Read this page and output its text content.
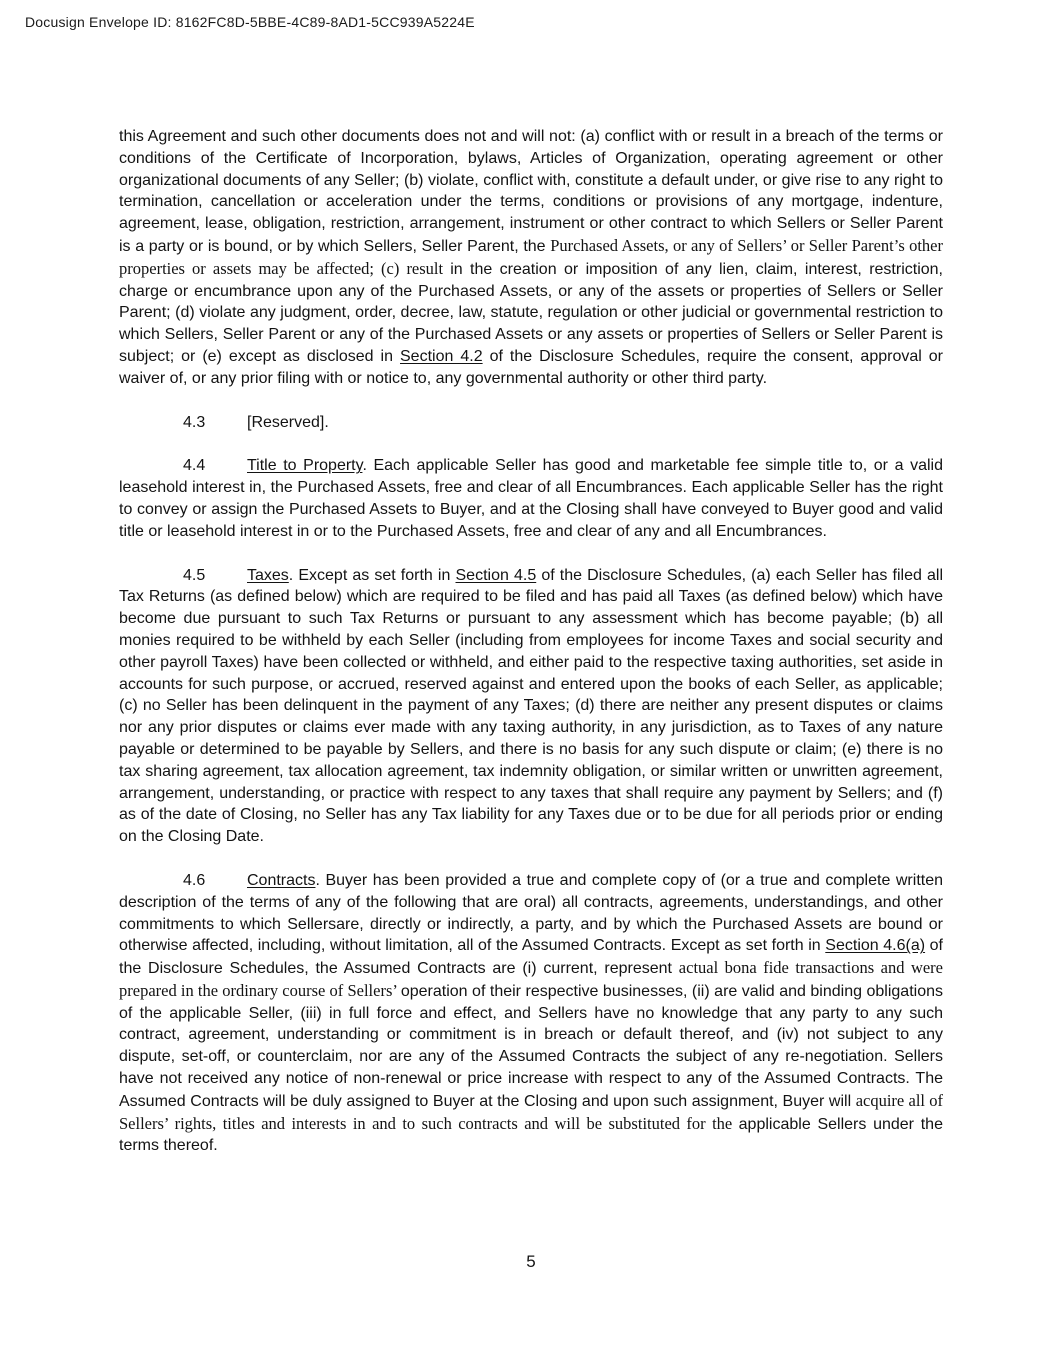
Docusign Envelope ID: 8162FC8D-5BBE-4C89-8AD1-5CC939A5224E

this Agreement and such other documents does not and will not: (a) conflict with or result in a breach of the terms or conditions of the Certificate of Incorporation, bylaws, Articles of Organization, operating agreement or other organizational documents of any Seller; (b) violate, conflict with, constitute a default under, or give rise to any right to termination, cancellation or acceleration under the terms, conditions or provisions of any mortgage, indenture, agreement, lease, obligation, restriction, arrangement, instrument or other contract to which Sellers or Seller Parent is a party or is bound, or by which Sellers, Seller Parent, the Purchased Assets, or any of Sellers’ or Seller Parent’s other properties or assets may be affected; (c) result in the creation or imposition of any lien, claim, interest, restriction, charge or encumbrance upon any of the Purchased Assets, or any of the assets or properties of Sellers or Seller Parent; (d) violate any judgment, order, decree, law, statute, regulation or other judicial or governmental restriction to which Sellers, Seller Parent or any of the Purchased Assets or any assets or properties of Sellers or Seller Parent is subject; or (e) except as disclosed in Section 4.2 of the Disclosure Schedules, require the consent, approval or waiver of, or any prior filing with or notice to, any governmental authority or other third party.

4.3	[Reserved].

4.4	Title to Property. Each applicable Seller has good and marketable fee simple title to, or a valid leasehold interest in, the Purchased Assets, free and clear of all Encumbrances. Each applicable Seller has the right to convey or assign the Purchased Assets to Buyer, and at the Closing shall have conveyed to Buyer good and valid title or leasehold interest in or to the Purchased Assets, free and clear of any and all Encumbrances.

4.5	Taxes. Except as set forth in Section 4.5 of the Disclosure Schedules, (a) each Seller has filed all Tax Returns (as defined below) which are required to be filed and has paid all Taxes (as defined below) which have become due pursuant to such Tax Returns or pursuant to any assessment which has become payable; (b) all monies required to be withheld by each Seller (including from employees for income Taxes and social security and other payroll Taxes) have been collected or withheld, and either paid to the respective taxing authorities, set aside in accounts for such purpose, or accrued, reserved against and entered upon the books of each Seller, as applicable; (c) no Seller has been delinquent in the payment of any Taxes; (d) there are neither any present disputes or claims nor any prior disputes or claims ever made with any taxing authority, in any jurisdiction, as to Taxes of any nature payable or determined to be payable by Sellers, and there is no basis for any such dispute or claim; (e) there is no tax sharing agreement, tax allocation agreement, tax indemnity obligation, or similar written or unwritten agreement, arrangement, understanding, or practice with respect to any taxes that shall require any payment by Sellers; and (f) as of the date of Closing, no Seller has any Tax liability for any Taxes due or to be due for all periods prior or ending on the Closing Date.

4.6	Contracts. Buyer has been provided a true and complete copy of (or a true and complete written description of the terms of any of the following that are oral) all contracts, agreements, understandings, and other commitments to which Sellersare, directly or indirectly, a party, and by which the Purchased Assets are bound or otherwise affected, including, without limitation, all of the Assumed Contracts. Except as set forth in Section 4.6(a) of the Disclosure Schedules, the Assumed Contracts are (i) current, represent actual bona fide transactions and were prepared in the ordinary course of Sellers’ operation of their respective businesses, (ii) are valid and binding obligations of the applicable Seller, (iii) in full force and effect, and Sellers have no knowledge that any party to any such contract, agreement, understanding or commitment is in breach or default thereof, and (iv) not subject to any dispute, set-off, or counterclaim, nor are any of the Assumed Contracts the subject of any re-negotiation. Sellers have not received any notice of non-renewal or price increase with respect to any of the Assumed Contracts. The Assumed Contracts will be duly assigned to Buyer at the Closing and upon such assignment, Buyer will acquire all of Sellers’ rights, titles and interests in and to such contracts and will be substituted for the applicable Sellers under the terms thereof.

5
